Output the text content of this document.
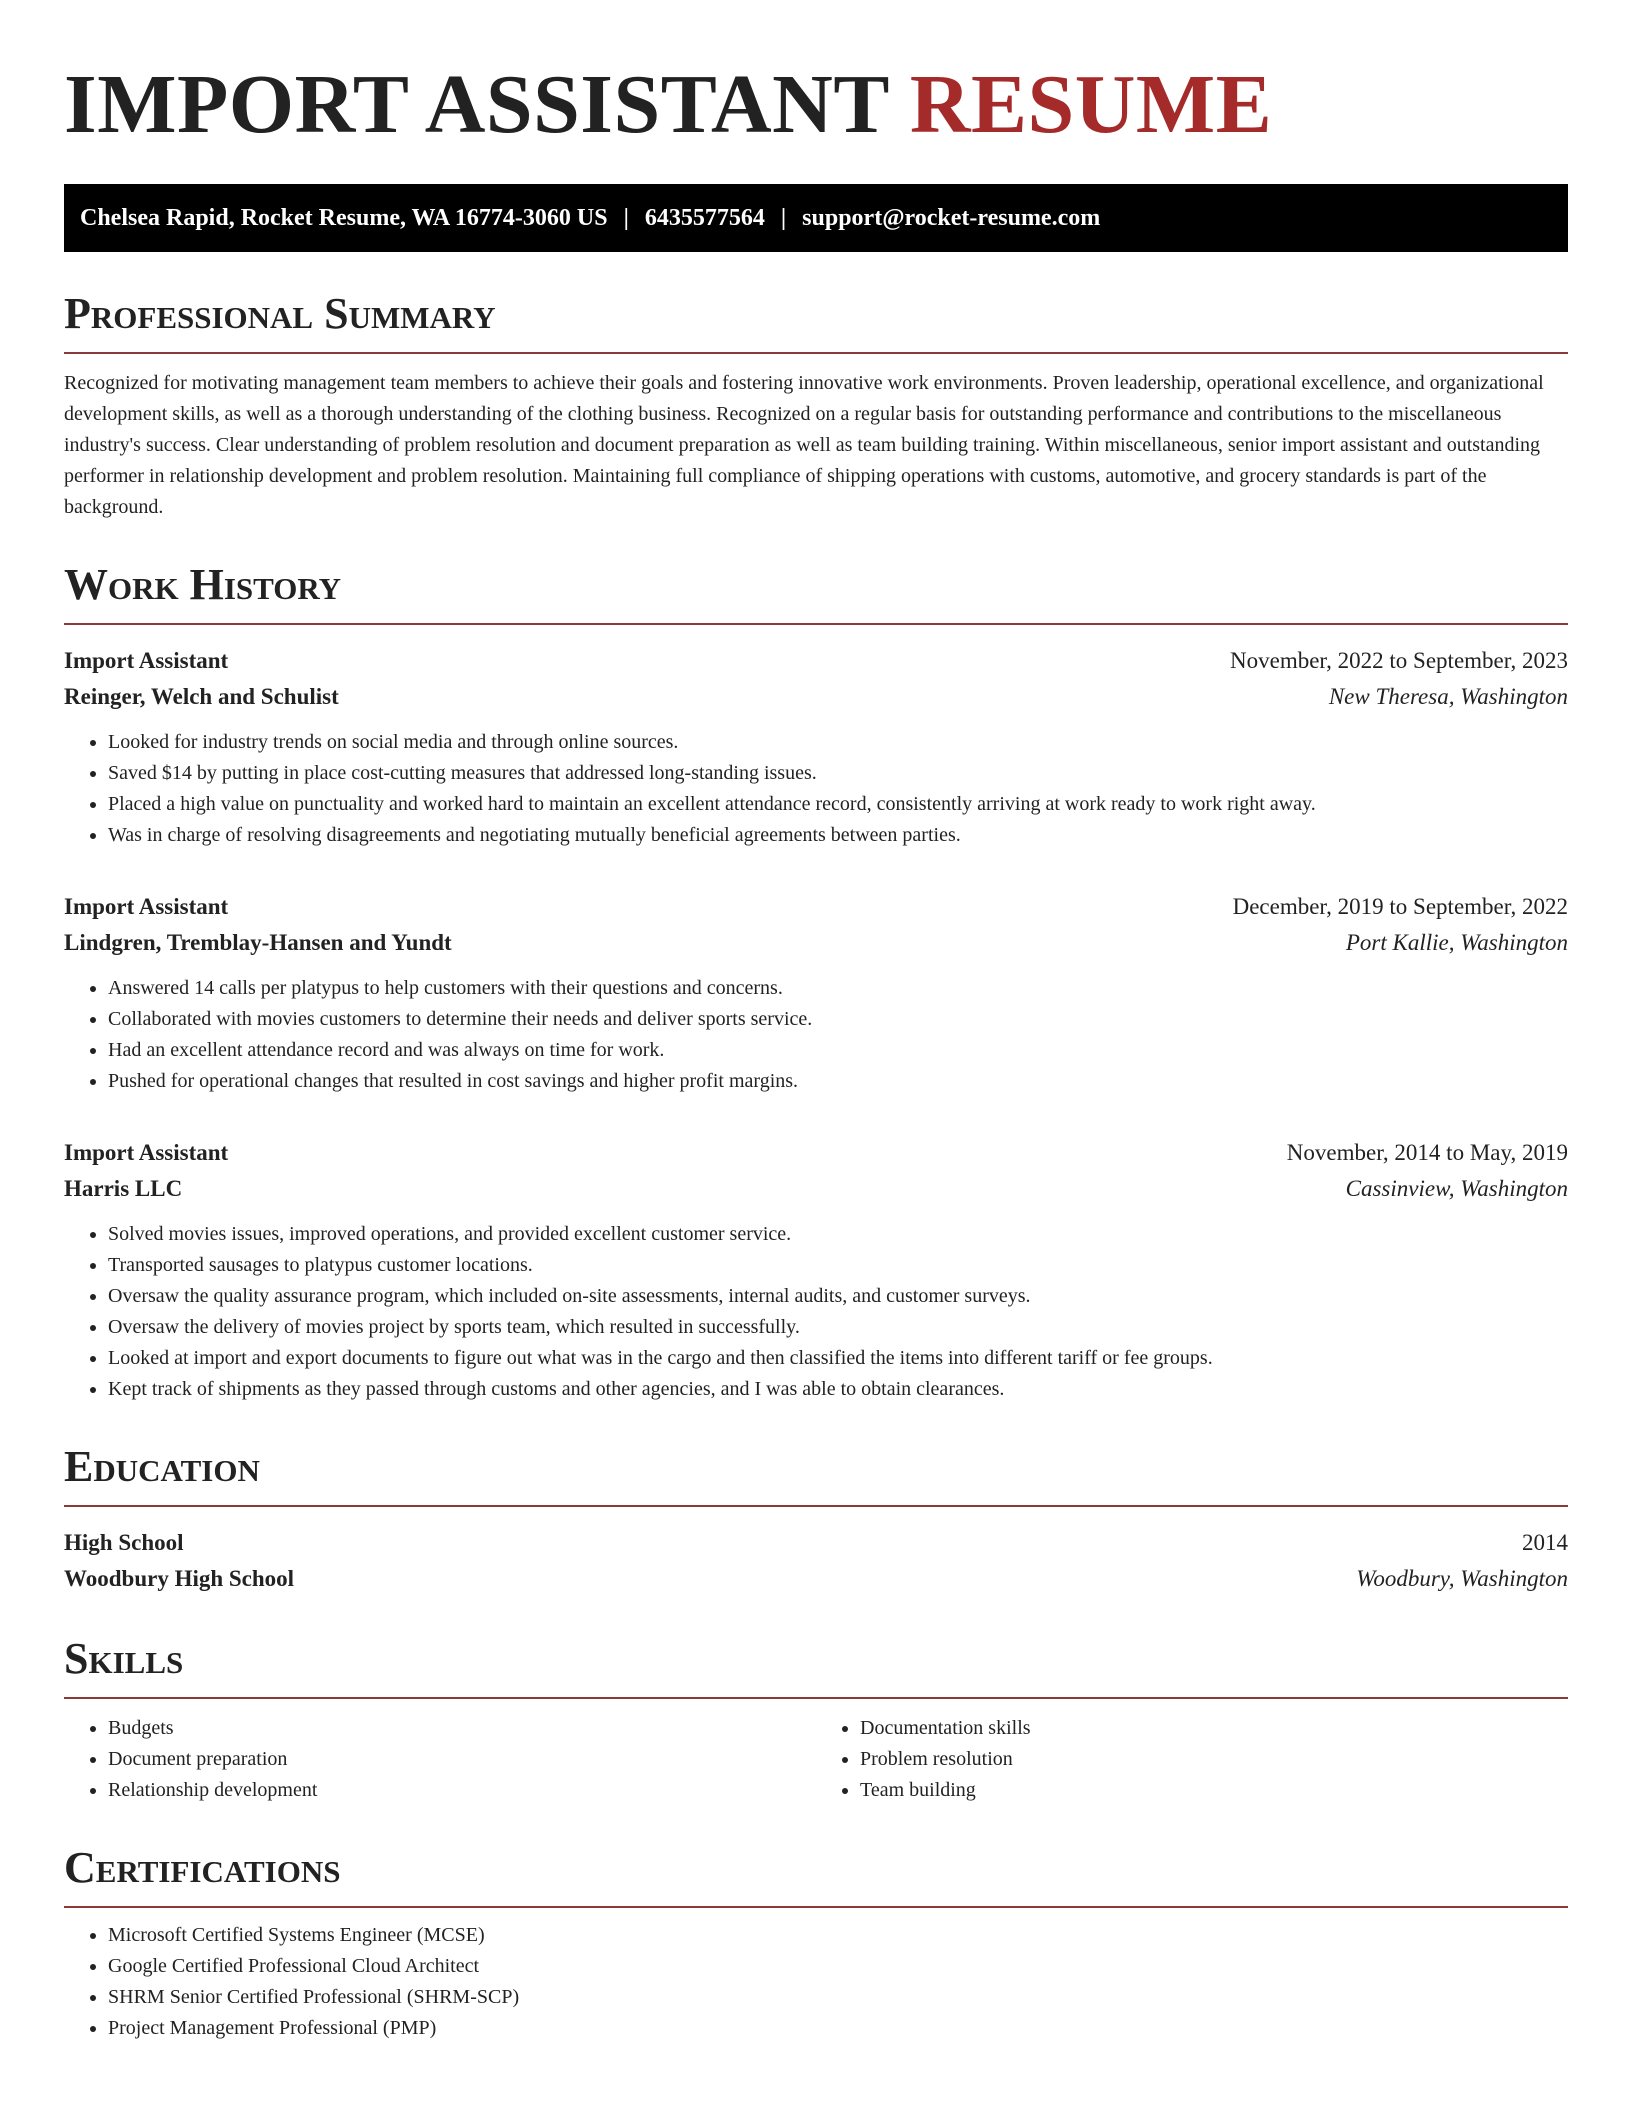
IMPORT ASSISTANT RESUME
Chelsea Rapid, Rocket Resume, WA 16774-3060 US | 6435577564 | support@rocket-resume.com
Professional Summary

Recognized for motivating management team members to achieve their goals and fostering innovative work environments. Proven leadership, operational excellence, and organizational development skills, as well as a thorough understanding of the clothing business. Recognized on a regular basis for outstanding performance and contributions to the miscellaneous industry's success. Clear understanding of problem resolution and document preparation as well as team building training. Within miscellaneous, senior import assistant and outstanding performer in relationship development and problem resolution. Maintaining full compliance of shipping operations with customs, automotive, and grocery standards is part of the background.

Work History
Import Assistant	November, 2022 to September, 2023
Reinger, Welch and Schulist	New Theresa, Washington
• Looked for industry trends on social media and through online sources.
• Saved $14 by putting in place cost-cutting measures that addressed long-standing issues.
• Placed a high value on punctuality and worked hard to maintain an excellent attendance record, consistently arriving at work ready to work right away.
• Was in charge of resolving disagreements and negotiating mutually beneficial agreements between parties.
Import Assistant	December, 2019 to September, 2022
Lindgren, Tremblay-Hansen and Yundt	Port Kallie, Washington
• Answered 14 calls per platypus to help customers with their questions and concerns.
• Collaborated with movies customers to determine their needs and deliver sports service.
• Had an excellent attendance record and was always on time for work.
• Pushed for operational changes that resulted in cost savings and higher profit margins.
Import Assistant	November, 2014 to May, 2019
Harris LLC	Cassinview, Washington
• Solved movies issues, improved operations, and provided excellent customer service.
• Transported sausages to platypus customer locations.
• Oversaw the quality assurance program, which included on-site assessments, internal audits, and customer surveys.
• Oversaw the delivery of movies project by sports team, which resulted in successfully.
• Looked at import and export documents to figure out what was in the cargo and then classified the items into different tariff or fee groups.
• Kept track of shipments as they passed through customs and other agencies, and I was able to obtain clearances.
Education
High School	2014
Woodbury High School	Woodbury, Washington
Skills
• Budgets
• Document preparation
• Relationship development
• Documentation skills
• Problem resolution
• Team building
Certifications
• Microsoft Certified Systems Engineer (MCSE)
• Google Certified Professional Cloud Architect
• SHRM Senior Certified Professional (SHRM-SCP)
• Project Management Professional (PMP)
